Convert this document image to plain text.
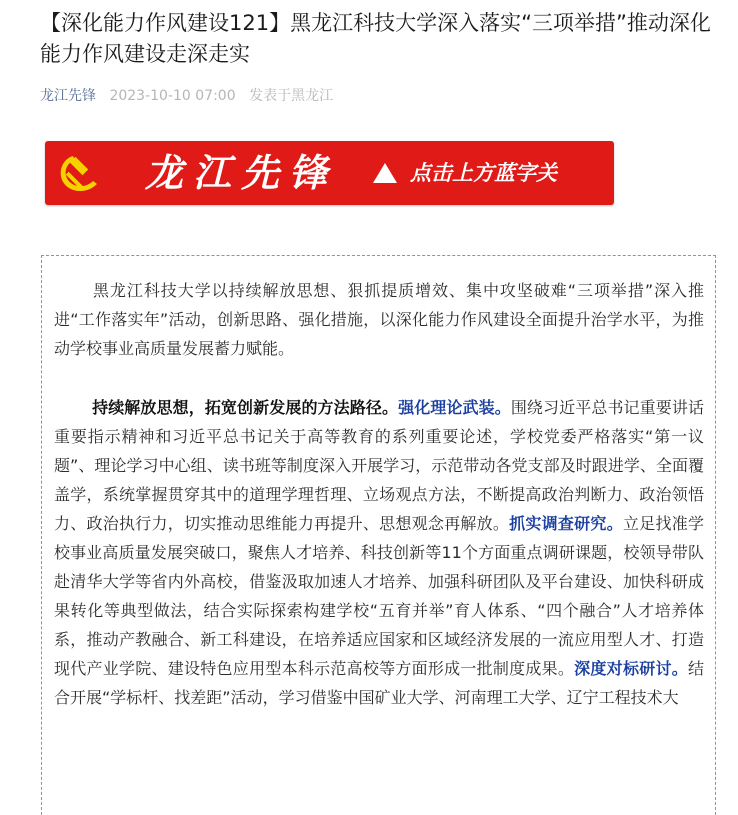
【深化能力作风建设121】黑龙江科技大学深入落实“三项举措”推动深化能力作风建设走深走实
龙江先锋 2023-10-10 07:00 发表于黑龙江
龙江先锋	点击上方蓝字关

黑龙江科技大学以持续解放思想、狠抓提质增效、集中攻坚破难“三项举措”深入推进“工作落实年”活动，创新思路、强化措施，以深化能力作风建设全面提升治学水平，为推动学校事业高质量发展蓄力赋能。

持续解放思想，拓宽创新发展的方法路径。强化理论武装。围绕习近平总书记重要讲话重要指示精神和习近平总书记关于高等教育的系列重要论述，学校党委严格落实“第一议题”、理论学习中心组、读书班等制度深入开展学习，示范带动各党支部及时跟进学、全面覆盖学，系统掌握贯穿其中的道理学理哲理、立场观点方法，不断提高政治判断力、政治领悟力、政治执行力，切实推动思维能力再提升、思想观念再解放。抓实调查研究。立足找准学校事业高质量发展突破口，聚焦人才培养、科技创新等11个方面重点调研课题，校领导带队赴清华大学等省内外高校，借鉴汲取加速人才培养、加强科研团队及平台建设、加快科研成果转化等典型做法，结合实际探索构建学校“五育并举”育人体系、“四个融合”人才培养体系，推动产教融合、新工科建设，在培养适应国家和区域经济发展的一流应用型人才、打造现代产业学院、建设特色应用型本科示范高校等方面形成一批制度成果。深度对标研讨。结合开展“学标杆、找差距”活动，学习借鉴中国矿业大学、河南理工大学、辽宁工程技术大
